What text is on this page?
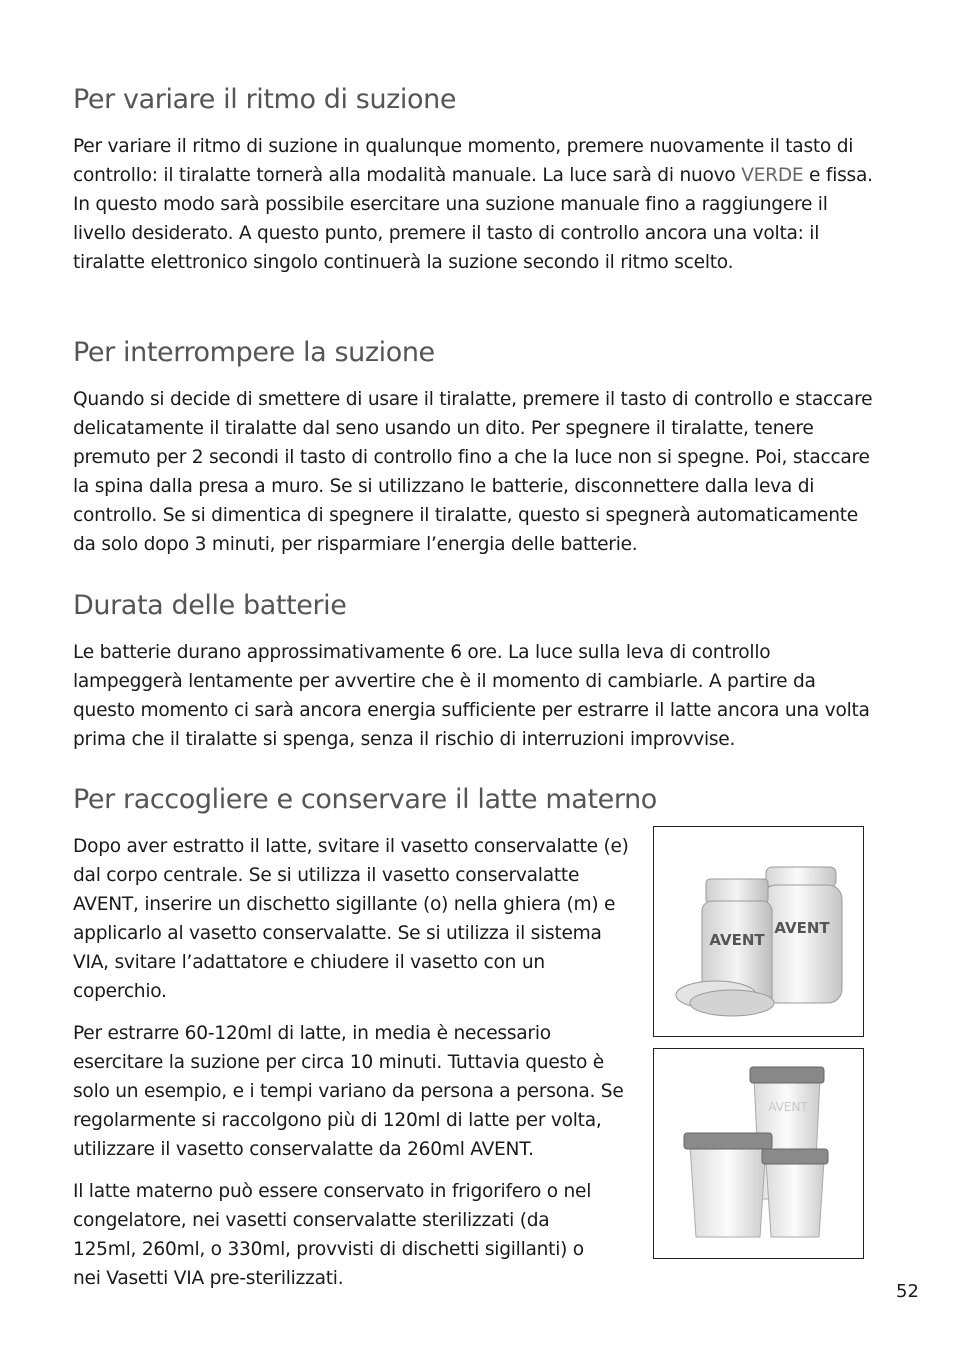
Per variare il ritmo di suzione

Per variare il ritmo di suzione in qualunque momento, premere nuovamente il tasto di controllo: il tiralatte tornerà alla modalità manuale. La luce sarà di nuovo VERDE e fissa. In questo modo sarà possibile esercitare una suzione manuale fino a raggiungere il livello desiderato. A questo punto, premere il tasto di controllo ancora una volta: il tiralatte elettronico singolo continuerà la suzione secondo il ritmo scelto.

Per interrompere la suzione

Quando si decide di smettere di usare il tiralatte, premere il tasto di controllo e staccare delicatamente il tiralatte dal seno usando un dito. Per spegnere il tiralatte, tenere premuto per 2 secondi il tasto di controllo fino a che la luce non si spegne. Poi, staccare la spina dalla presa a muro. Se si utilizzano le batterie, disconnettere dalla leva di controllo. Se si dimentica di spegnere il tiralatte, questo si spegnerà automaticamente da solo dopo 3 minuti, per risparmiare l’energia delle batterie.

Durata delle batterie

Le batterie durano approssimativamente 6 ore. La luce sulla leva di controllo lampeggerà lentamente per avvertire che è il momento di cambiarle. A partire da questo momento ci sarà ancora energia sufficiente per estrarre il latte ancora una volta prima che il tiralatte si spenga, senza il rischio di interruzioni improvvise.

Per raccogliere e conservare il latte materno

Dopo aver estratto il latte, svitare il vasetto conservalatte (e) dal corpo centrale. Se si utilizza il vasetto conservalatte AVENT, inserire un dischetto sigillante (o) nella ghiera (m) e applicarlo al vasetto conservalatte. Se si utilizza il sistema VIA, svitare l’adattatore e chiudere il vasetto con un coperchio.

Per estrarre 60-120ml di latte, in media è necessario esercitare la suzione per circa 10 minuti. Tuttavia questo è solo un esempio, e i tempi variano da persona a persona. Se regolarmente si raccolgono più di 120ml di latte per volta, utilizzare il vasetto conservalatte da 260ml AVENT.

Il latte materno può essere conservato in frigorifero o nel congelatore, nei vasetti conservalatte sterilizzati (da 125ml, 260ml, o 330ml, provvisti di dischetti sigillanti) o nei Vasetti VIA pre-sterilizzati.

AVENT
AVENT
AVENT
52
